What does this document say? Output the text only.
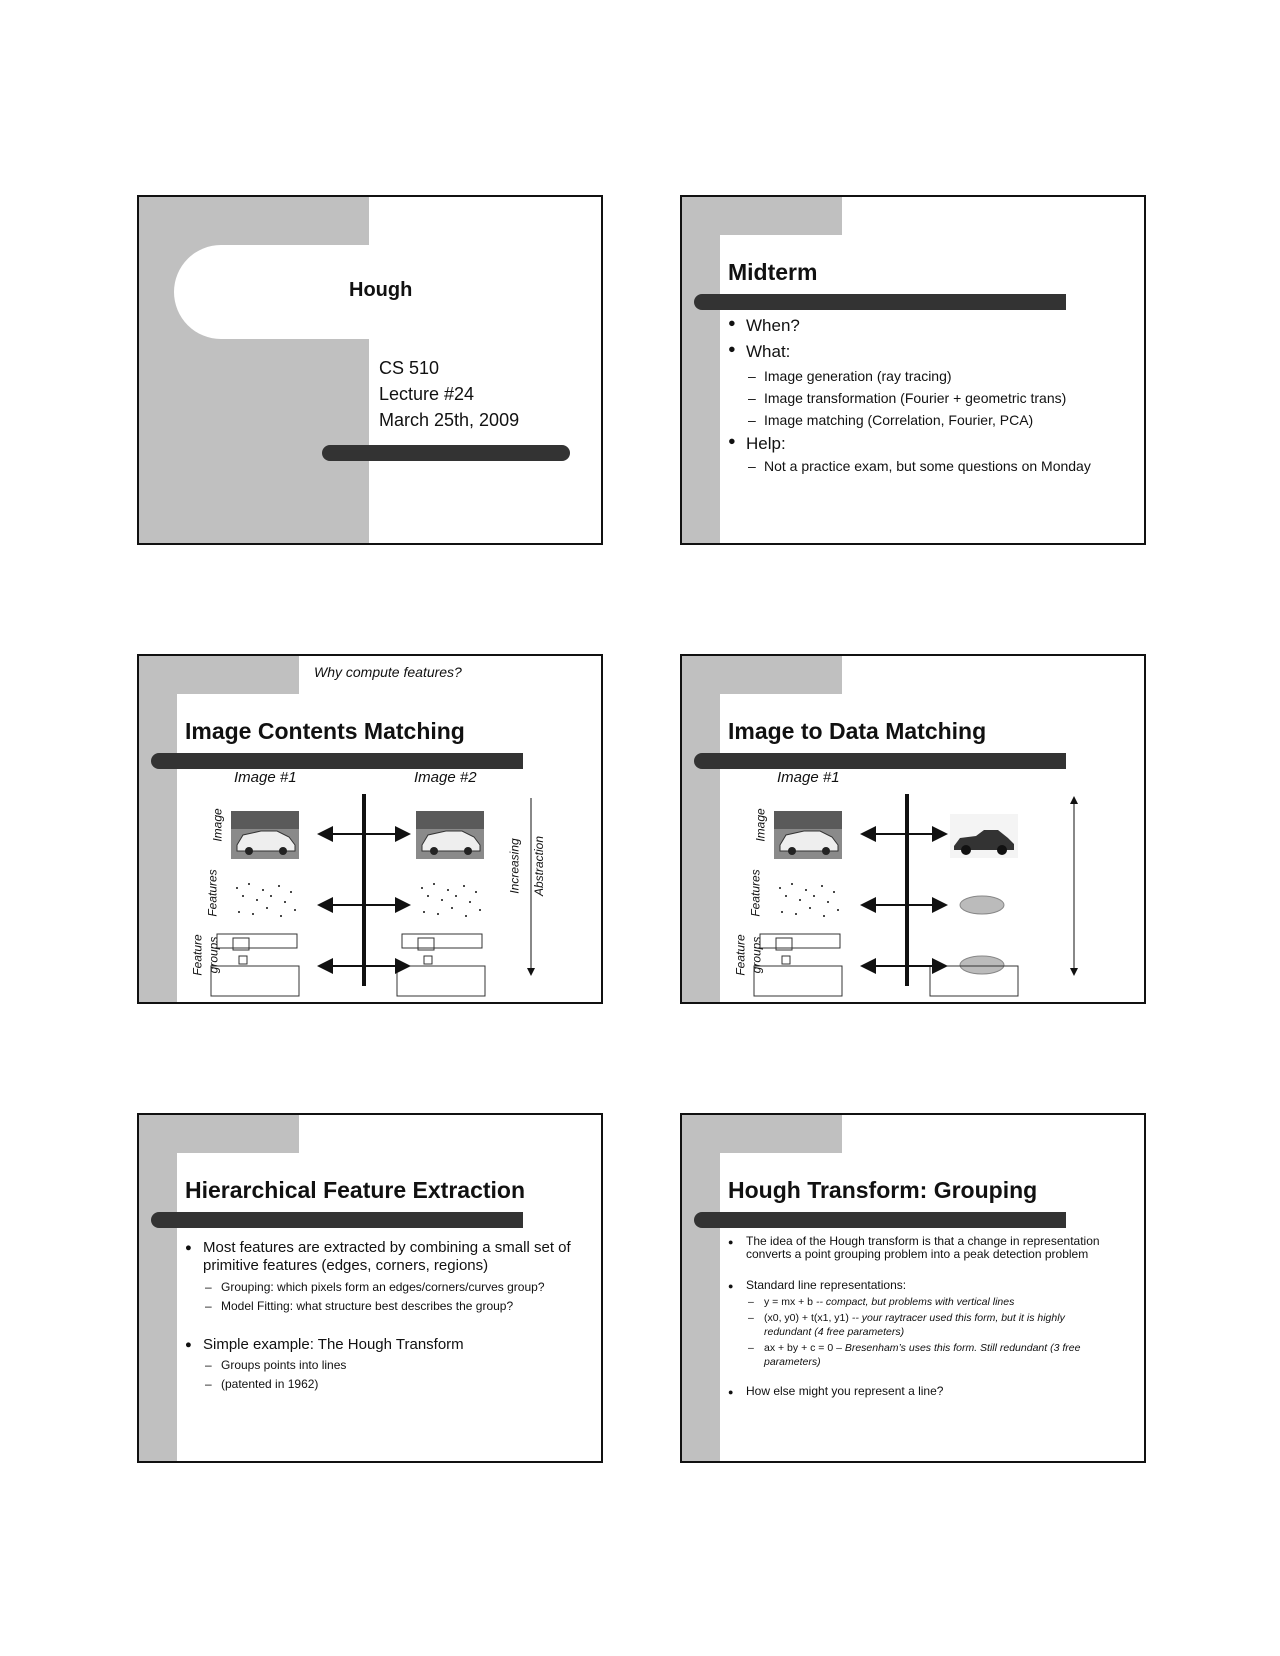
Hough
CS 510
Lecture #24
March 25th, 2009
Midterm
● When?
● What:
– Image generation (ray tracing)
– Image transformation (Fourier + geometric trans)
– Image matching (Correlation, Fourier, PCA)
● Help:
– Not a practice exam, but some questions on Monday
Why compute features?
Image Contents Matching
Image #1	Image #2
Image
Features
Feature groups
Increasing Abstraction
Image to Data Matching
Image #1
Image
Features
Feature groups
Hierarchical Feature Extraction
● Most features are extracted by combining a small set of primitive features (edges, corners, regions)
– Grouping: which pixels form an edges/corners/curves group?
– Model Fitting: what structure best describes the group?
● Simple example: The Hough Transform
– Groups points into lines
– (patented in 1962)
Hough Transform: Grouping
● The idea of the Hough transform is that a change in representation converts a point grouping problem into a peak detection problem
● Standard line representations:
– y = mx + b -- compact, but problems with vertical lines
– (x0, y0) + t(x1, y1) -- your raytracer used this form, but it is highly redundant (4 free parameters)
– ax + by + c = 0 – Bresenham’s uses this form. Still redundant (3 free parameters)
● How else might you represent a line?
